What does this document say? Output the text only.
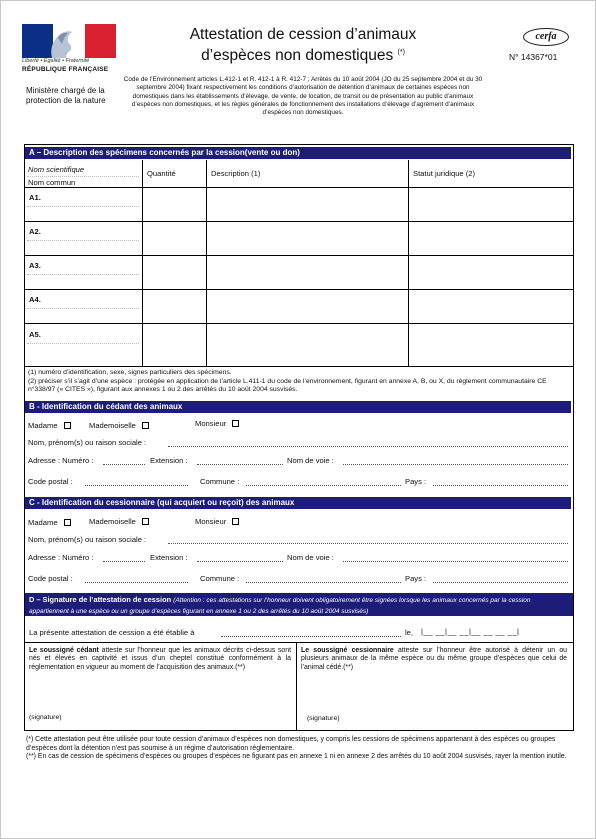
Liberté • Égalité • Fraternité
RÉPUBLIQUE FRANÇAISE
Ministère chargé de la protection de la nature
Attestation de cession d’animaux
d’espèces non domestiques (*)
Code de l’Environnement articles L.412-1 et R. 412-1 à R. 412-7 ; Arrêtés du 10 août 2004 (JO du 25 septembre 2004 et du 30 septembre 2004) fixant respectivement les conditions d’autorisation de détention d’animaux de certaines espèces non domestiques dans les établissements d’élevage, de vente, de location, de transit ou de présentation au public d’animaux d’espèces non domestiques, et les règles générales de fonctionnement des installations d’élevage d’agrément d’animaux d’espèces non domestiques.
cerfa
N° 14367*01
A – Description des spécimens concernés par la cession(vente ou don)
Nom scientifique
Nom commun
Quantité	Description (1)	Statut juridique (2)
A1.
A2.
A3.
A4.
A5.
(1) numéro d’identification, sexe, signes particuliers des spécimens.
(2) préciser s’il s’agit d’une espèce : protégée en application de l’article L.411-1 du code de l’environnement, figurant en annexe A, B, ou X, du règlement communautaire CE n°338/97 (« CITES »), figurant aux annexes 1 ou 2 des arrêtés du 10 août 2004 susvisés.
B - Identification du cédant des animaux
Madame	Mademoiselle	Monsieur
Nom, prénom(s) ou raison sociale :
Adresse : Numéro :	Extension :	Nom de voie :
Code postal :	Commune :	Pays :
C - Identification du cessionnaire (qui acquiert ou reçoit) des animaux
Madame	Mademoiselle	Monsieur
Nom, prénom(s) ou raison sociale :
Adresse : Numéro :	Extension :	Nom de voie :
Code postal :	Commune :	Pays :
D – Signature de l’attestation de cession (Attention : ces attestations sur l’honneur doivent obligatoirement être signées lorsque les animaux concernés par la cession appartiennent à une espèce ou un groupe d’espèces figurant en annexe 1 ou 2 des arrêtés du 10 août 2004 susvisés)
La présente attestation de cession a été établie à	le, |__ __|__ __|__ __ __ __|
Le soussigné cédant atteste sur l’honneur que les animaux décrits ci-dessus sont nés et élevés en captivité et issus d’un cheptel constitué conformément à la réglementation en vigueur au moment de l’acquisition des animaux.(**)
Le soussigné cessionnaire atteste sur l’honneur être autorisé à détenir un ou plusieurs animaux de la même espèce ou du même groupe d’espèces que celui de l’animal cédé.(**)
(signature)	(signature)
(*) Cette attestation peut être utilisée pour toute cession d’animaux d’espèces non domestiques, y compris les cessions de spécimens appartenant à des espèces ou groupes d’espèces dont la détention n’est pas soumise à un régime d’autorisation réglementaire.
(**) En cas de cession de spécimens d’espèces ou groupes d’espèces ne figurant pas en annexe 1 ni en annexe 2 des arrêtés du 10 août 2004 susvisés, rayer la mention inutile.
